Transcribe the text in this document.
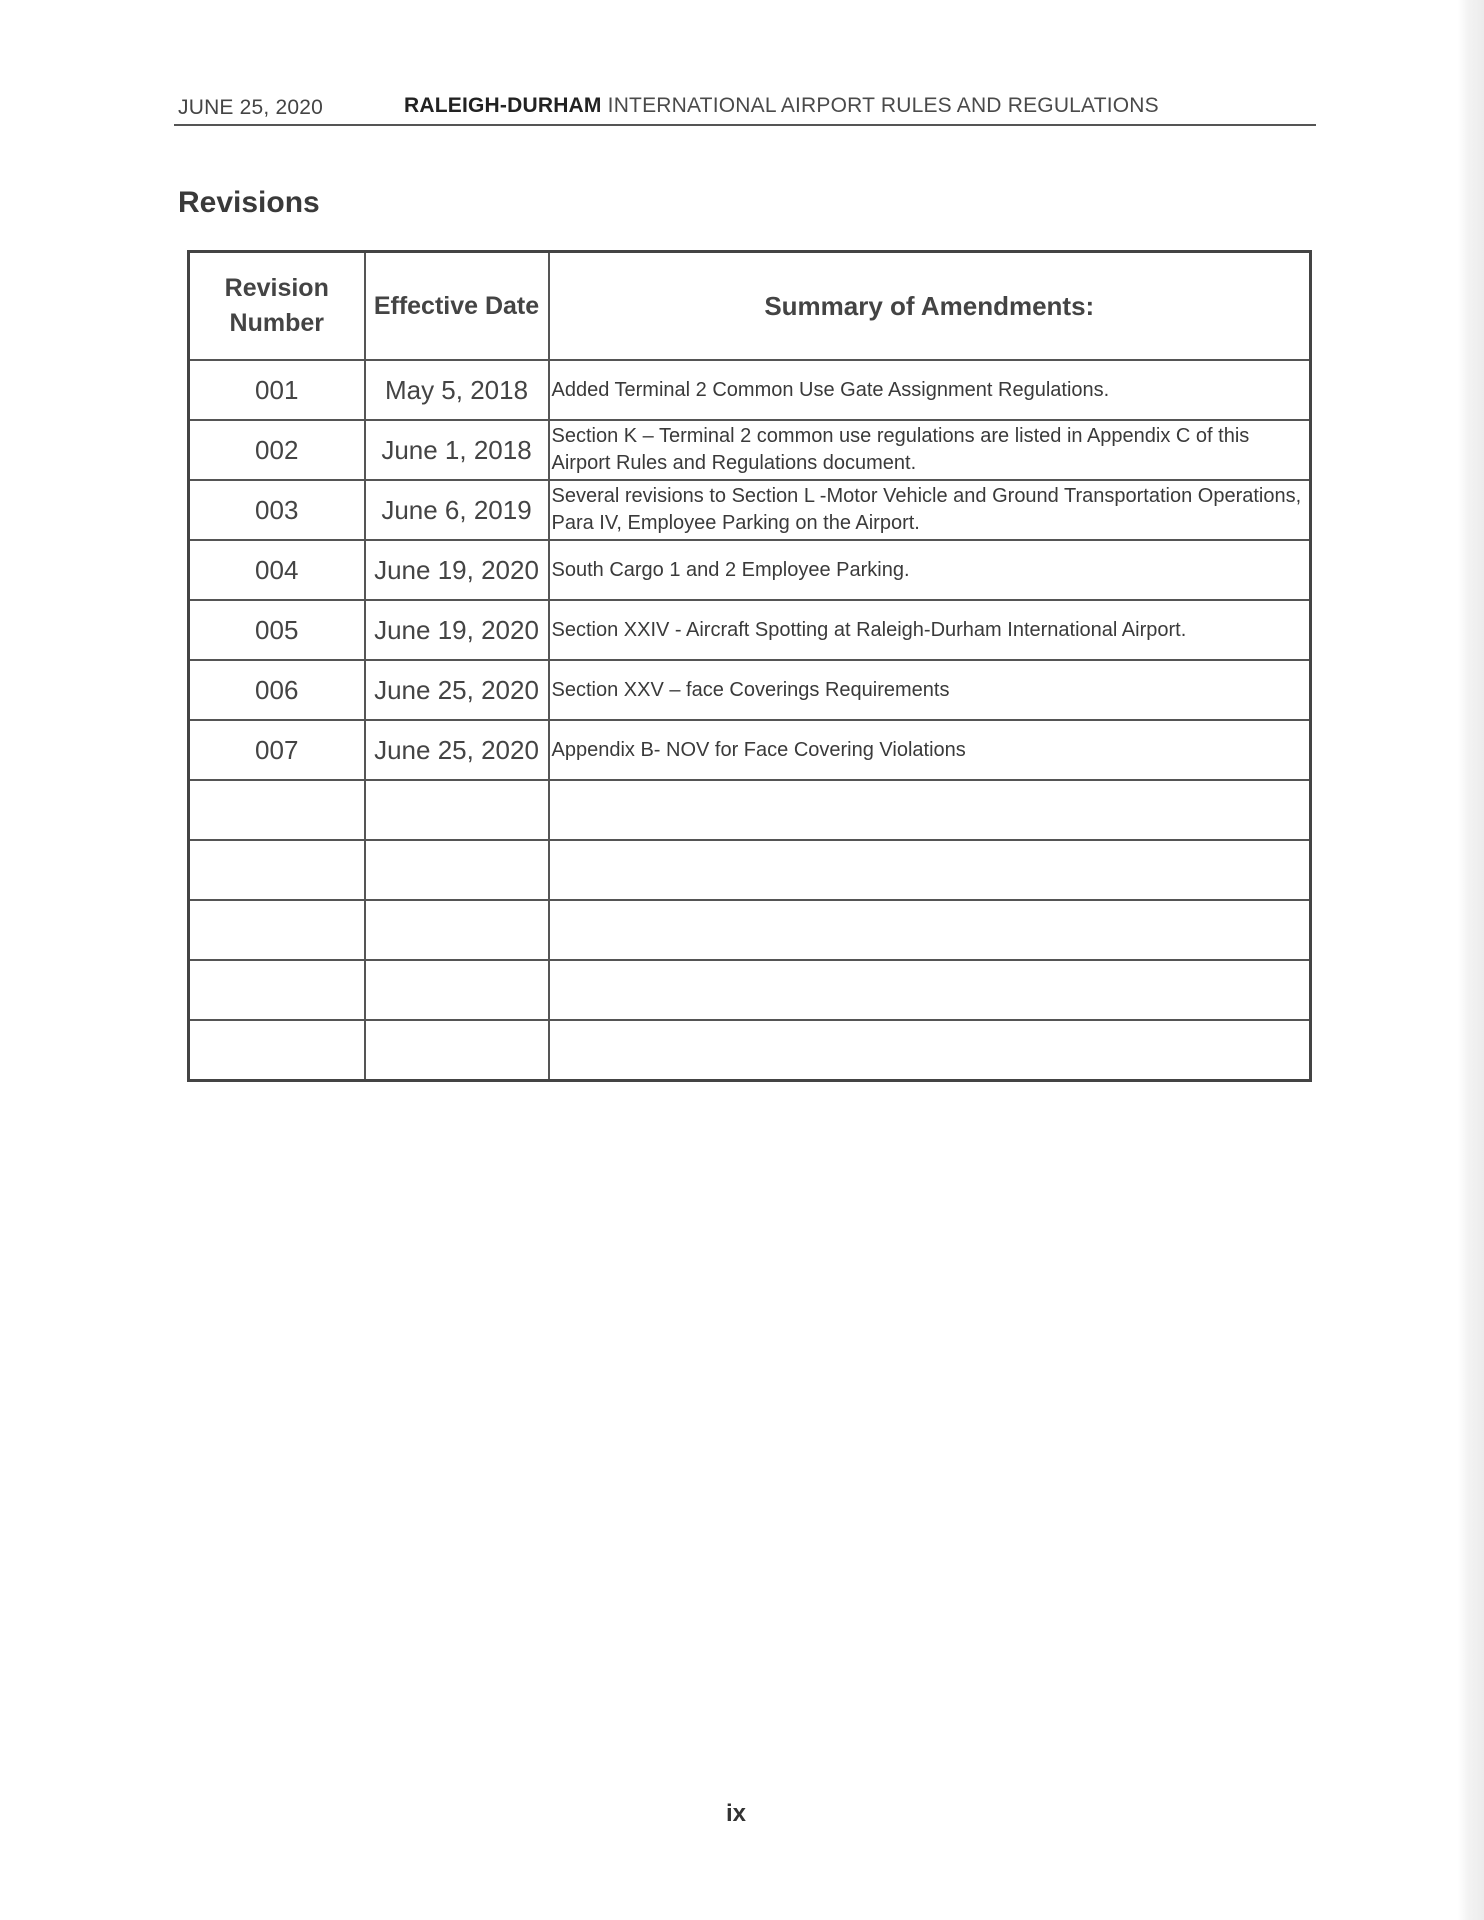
JUNE 25, 2020	RALEIGH-DURHAM INTERNATIONAL AIRPORT RULES AND REGULATIONS
Revisions
Revision Number	Effective Date	Summary of Amendments:
001	May 5, 2018	Added Terminal 2 Common Use Gate Assignment Regulations.
002	June 1, 2018	Section K – Terminal 2 common use regulations are listed in Appendix C of this Airport Rules and Regulations document.
003	June 6, 2019	Several revisions to Section L -Motor Vehicle and Ground Transportation Operations, Para IV, Employee Parking on the Airport.
004	June 19, 2020	South Cargo 1 and 2 Employee Parking.
005	June 19, 2020	Section XXIV - Aircraft Spotting at Raleigh-Durham International Airport.
006	June 25, 2020	Section XXV – face Coverings Requirements
007	June 25, 2020	Appendix B- NOV for Face Covering Violations

ix
